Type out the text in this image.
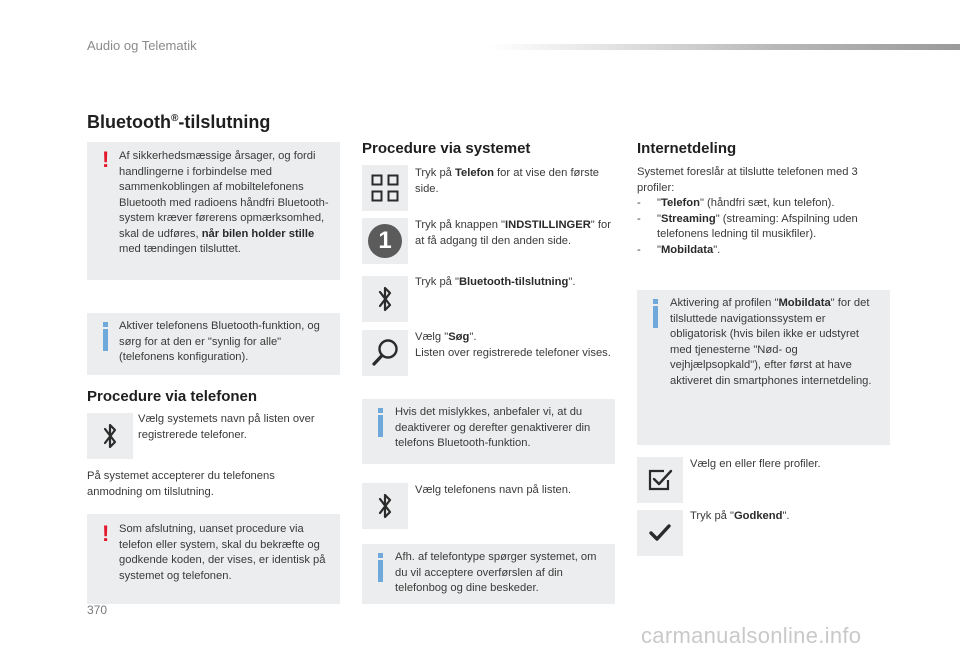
Audio og Telematik
Bluetooth®-tilslutning
! Af sikkerhedsmæssige årsager, og fordi handlingerne i forbindelse med sammenkoblingen af mobiltelefonens Bluetooth med radioens håndfri Bluetooth-system kræver førerens opmærksomhed, skal de udføres, når bilen holder stille med tændingen tilsluttet.
Aktiver telefonens Bluetooth-funktion, og sørg for at den er "synlig for alle" (telefonens konfiguration).
Procedure via telefonen
Vælg systemets navn på listen over registrerede telefoner.
På systemet accepterer du telefonens anmodning om tilslutning.
! Som afslutning, uanset procedure via telefon eller system, skal du bekræfte og godkende koden, der vises, er identisk på systemet og telefonen.
Procedure via systemet
Tryk på Telefon for at vise den første side.
1
Tryk på knappen "INDSTILLINGER" for at få adgang til den anden side.
Tryk på "Bluetooth-tilslutning".
Vælg "Søg".
Listen over registrerede telefoner vises.
Hvis det mislykkes, anbefaler vi, at du deaktiverer og derefter genaktiverer din telefons Bluetooth-funktion.
Vælg telefonens navn på listen.
Afh. af telefontype spørger systemet, om du vil acceptere overførslen af din telefonbog og dine beskeder.
Internetdeling
Systemet foreslår at tilslutte telefonen med 3 profiler:
- "Telefon" (håndfri sæt, kun telefon).
- "Streaming" (streaming: Afspilning uden telefonens ledning til musikfiler).
- "Mobildata".
Aktivering af profilen "Mobildata" for det tilsluttede navigationssystem er obligatorisk (hvis bilen ikke er udstyret med tjenesterne "Nød- og vejhjælpsopkald"), efter først at have aktiveret din smartphones internetdeling.
Vælg en eller flere profiler.
Tryk på "Godkend".
370
carmanualsonline.info
